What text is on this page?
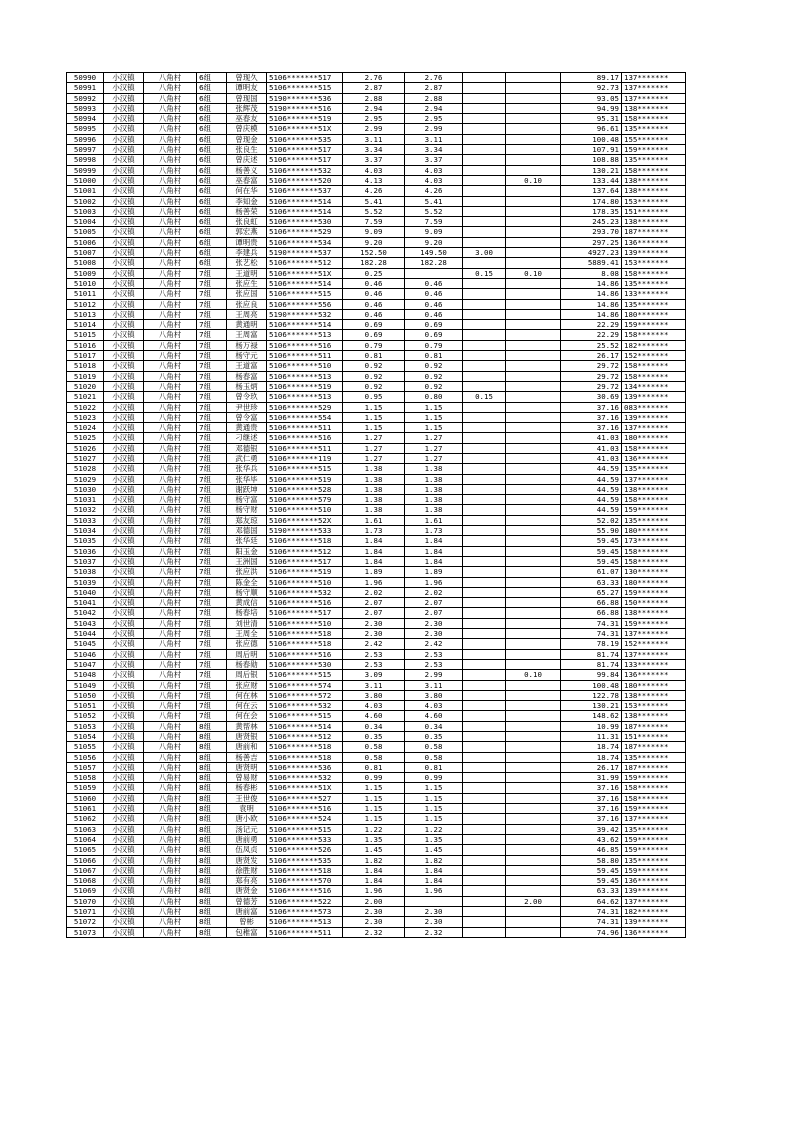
50990	小汉镇	八角村	6组	曾现久	5106*******517	2.76	2.76			89.17	137*******
50991	小汉镇	八角村	6组	谭明友	5106*******515	2.87	2.87			92.73	137*******
50992	小汉镇	八角村	6组	曾现国	5190*******536	2.88	2.88			93.05	137*******
50993	小汉镇	八角村	6组	张辉茂	5190*******516	2.94	2.94			94.99	138*******
50994	小汉镇	八角村	6组	巫春友	5106*******519	2.95	2.95			95.31	158*******
50995	小汉镇	八角村	6组	曾庆模	5106*******51X	2.99	2.99			96.61	135*******
50996	小汉镇	八角村	6组	曾现金	5106*******535	3.11	3.11			100.48	155*******
50997	小汉镇	八角村	6组	张良生	5106*******517	3.34	3.34			107.91	159*******
50998	小汉镇	八角村	6组	曾庆述	5106*******517	3.37	3.37			108.88	135*******
50999	小汉镇	八角村	6组	杨善义	5106*******532	4.03	4.03			130.21	158*******
51000	小汉镇	八角村	6组	巫春富	5106*******520	4.13	4.03		0.10	133.44	138*******
51001	小汉镇	八角村	6组	何在华	5106*******537	4.26	4.26			137.64	138*******
51002	小汉镇	八角村	6组	李知金	5106*******514	5.41	5.41			174.80	153*******
51003	小汉镇	八角村	6组	杨善荣	5106*******514	5.52	5.52			178.35	151*******
51004	小汉镇	八角村	6组	张良虹	5106*******530	7.59	7.59			245.23	138*******
51005	小汉镇	八角村	6组	郭宏燕	5106*******529	9.09	9.09			293.70	187*******
51006	小汉镇	八角村	6组	谭明贵	5106*******534	9.20	9.20			297.25	136*******
51007	小汉镇	八角村	6组	李建兵	5190*******537	152.50	149.50	3.00		4927.23	139*******
51008	小汉镇	八角村	6组	张艺松	5106*******512	182.28	182.28			5889.41	153*******
51009	小汉镇	八角村	7组	王道明	5106*******51X	0.25		0.15	0.10	8.08	158*******
51010	小汉镇	八角村	7组	张应生	5106*******514	0.46	0.46			14.86	135*******
51011	小汉镇	八角村	7组	张应国	5106*******515	0.46	0.46			14.86	133*******
51012	小汉镇	八角村	7组	张应良	5106*******556	0.46	0.46			14.86	135*******
51013	小汉镇	八角村	7组	王周亮	5190*******532	0.46	0.46			14.86	180*******
51014	小汉镇	八角村	7组	黄通明	5106*******514	0.69	0.69			22.29	159*******
51015	小汉镇	八角村	7组	王周富	5106*******513	0.69	0.69			22.29	158*******
51016	小汉镇	八角村	7组	杨万禄	5106*******516	0.79	0.79			25.52	182*******
51017	小汉镇	八角村	7组	杨守元	5106*******511	0.81	0.81			26.17	152*******
51018	小汉镇	八角村	7组	王道富	5106*******510	0.92	0.92			29.72	158*******
51019	小汉镇	八角村	7组	杨春富	5106*******513	0.92	0.92			29.72	158*******
51020	小汉镇	八角村	7组	杨玉炳	5106*******519	0.92	0.92			29.72	134*******
51021	小汉镇	八角村	7组	曾令玖	5106*******513	0.95	0.80	0.15		30.69	139*******
51022	小汉镇	八角村	7组	尹世珍	5106*******529	1.15	1.15			37.16	083*******
51023	小汉镇	八角村	7组	曾令富	5106*******554	1.15	1.15			37.16	139*******
51024	小汉镇	八角村	7组	黄通贵	5106*******511	1.15	1.15			37.16	137*******
51025	小汉镇	八角村	7组	刁继述	5106*******516	1.27	1.27			41.03	180*******
51026	小汉镇	八角村	7组	邓德银	5106*******511	1.27	1.27			41.03	158*******
51027	小汉镇	八角村	7组	武仁勇	5106*******119	1.27	1.27			41.03	136*******
51028	小汉镇	八角村	7组	张华兵	5106*******515	1.38	1.38			44.59	135*******
51029	小汉镇	八角村	7组	张华毕	5106*******519	1.38	1.38			44.59	137*******
51030	小汉镇	八角村	7组	谢跃坤	5106*******528	1.38	1.38			44.59	138*******
51031	小汉镇	八角村	7组	杨守富	5106*******579	1.38	1.38			44.59	158*******
51032	小汉镇	八角村	7组	杨守财	5106*******510	1.38	1.38			44.59	159*******
51033	小汉镇	八角村	7组	郑友琼	5106*******52X	1.61	1.61			52.02	135*******
51034	小汉镇	八角村	7组	邓德国	5190*******533	1.73	1.73			55.90	180*******
51035	小汉镇	八角村	7组	张华廷	5106*******518	1.84	1.84			59.45	173*******
51036	小汉镇	八角村	7组	阳玉金	5106*******512	1.84	1.84			59.45	158*******
51037	小汉镇	八角村	7组	王洲国	5106*******517	1.84	1.84			59.45	158*******
51038	小汉镇	八角村	7组	张应洪	5106*******519	1.89	1.89			61.07	130*******
51039	小汉镇	八角村	7组	陈金全	5106*******510	1.96	1.96			63.33	180*******
51040	小汉镇	八角村	7组	杨守顺	5106*******532	2.02	2.02			65.27	159*******
51041	小汉镇	八角村	7组	黄成信	5106*******516	2.07	2.07			66.88	150*******
51042	小汉镇	八角村	7组	杨春培	5106*******517	2.07	2.07			66.88	138*******
51043	小汉镇	八角村	7组	刘世清	5106*******510	2.30	2.30			74.31	159*******
51044	小汉镇	八角村	7组	王周全	5106*******518	2.30	2.30			74.31	137*******
51045	小汉镇	八角村	7组	张应德	5106*******518	2.42	2.42			78.19	152*******
51046	小汉镇	八角村	7组	周后明	5106*******516	2.53	2.53			81.74	137*******
51047	小汉镇	八角村	7组	杨春勋	5106*******530	2.53	2.53			81.74	133*******
51048	小汉镇	八角村	7组	周后银	5106*******515	3.09	2.99		0.10	99.84	136*******
51049	小汉镇	八角村	7组	张应财	5106*******574	3.11	3.11			100.48	180*******
51050	小汉镇	八角村	7组	何在林	5106*******572	3.80	3.80			122.78	138*******
51051	小汉镇	八角村	7组	何在云	5106*******532	4.03	4.03			130.21	153*******
51052	小汉镇	八角村	7组	何在会	5106*******515	4.60	4.60			148.62	138*******
51053	小汉镇	八角村	8组	黄帮林	5106*******514	0.34	0.34			10.99	187*******
51054	小汉镇	八角村	8组	唐贤银	5106*******512	0.35	0.35			11.31	151*******
51055	小汉镇	八角村	8组	唐前和	5106*******518	0.58	0.58			18.74	187*******
51056	小汉镇	八角村	8组	杨善吉	5106*******518	0.58	0.58			18.74	135*******
51057	小汉镇	八角村	8组	唐贤明	5106*******536	0.81	0.81			26.17	187*******
51058	小汉镇	八角村	8组	曾易财	5106*******532	0.99	0.99			31.99	159*******
51059	小汉镇	八角村	8组	杨春彬	5106*******51X	1.15	1.15			37.16	158*******
51060	小汉镇	八角村	8组	王世俊	5106*******527	1.15	1.15			37.16	158*******
51061	小汉镇	八角村	8组	袁明	5106*******516	1.15	1.15			37.16	159*******
51062	小汉镇	八角村	8组	唐小欧	5106*******524	1.15	1.15			37.16	137*******
51063	小汉镇	八角村	8组	汤记元	5106*******515	1.22	1.22			39.42	135*******
51064	小汉镇	八角村	8组	唐前勇	5106*******533	1.35	1.35			43.62	159*******
51065	小汉镇	八角村	8组	伍凤贞	5106*******526	1.45	1.45			46.85	159*******
51066	小汉镇	八角村	8组	唐贤发	5106*******535	1.82	1.82			58.80	135*******
51067	小汉镇	八角村	8组	徐胜财	5106*******518	1.84	1.84			59.45	159*******
51068	小汉镇	八角村	8组	郑有亮	5106*******570	1.84	1.84			59.45	136*******
51069	小汉镇	八角村	8组	唐贤金	5106*******516	1.96	1.96			63.33	139*******
51070	小汉镇	八角村	8组	曾德芳	5106*******522	2.00			2.00	64.62	137*******
51071	小汉镇	八角村	8组	唐前富	5106*******573	2.30	2.30			74.31	182*******
51072	小汉镇	八角村	8组	曾彬	5106*******513	2.30	2.30			74.31	139*******
51073	小汉镇	八角村	8组	包稚富	5106*******511	2.32	2.32			74.96	136*******
